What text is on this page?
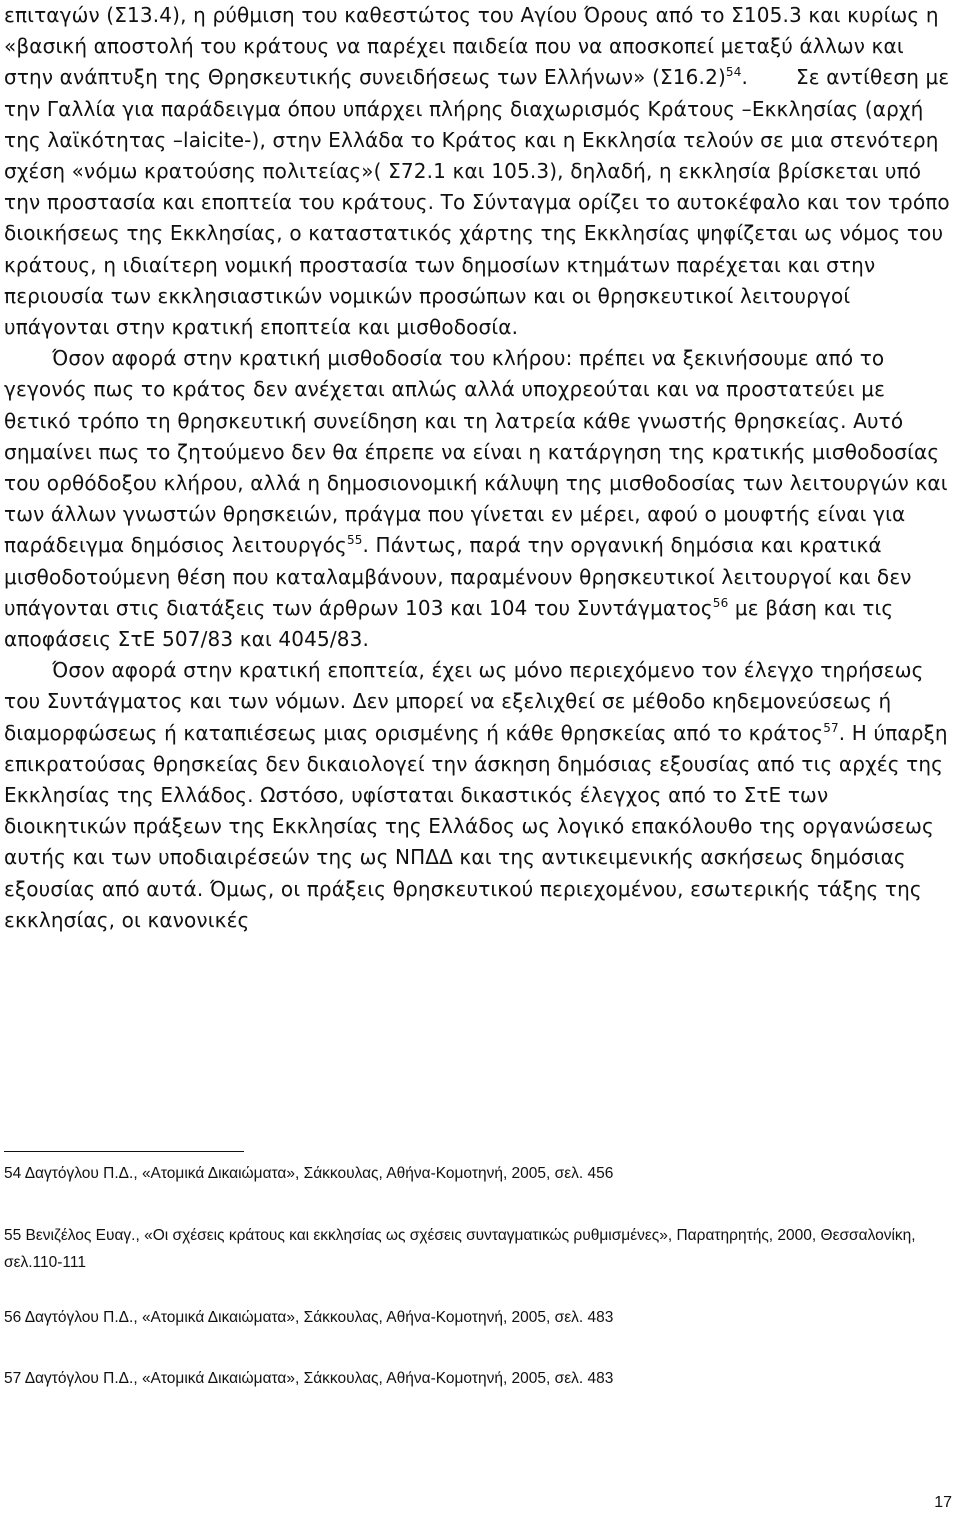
επιταγών (Σ13.4), η ρύθμιση του καθεστώτος του Αγίου Όρους από το Σ105.3 και κυρίως η «βασική αποστολή του κράτους να παρέχει παιδεία που να αποσκοπεί μεταξύ άλλων και στην ανάπτυξη της Θρησκευτικής συνειδήσεως των Ελλήνων» $(\Sigma 16.2)^{54}$. Σε αντίθεση με την Γαλλία για παράδειγμα όπου υπάρχει πλήρης διαχωρισμός Κράτους –Εκκλησίας (αρχή της λαϊκότητας –laicite-), στην Ελλάδα το Κράτος και η Εκκλησία τελούν σε μια στενότερη σχέση «νόμω κρατούσης πολιτείας»( Σ72.1 και 105.3), δηλαδή, η εκκλησία βρίσκεται υπό την προστασία και εποπτεία του κράτους. Το Σύνταγμα ορίζει το αυτοκέφαλο και τον τρόπο διοικήσεως της Εκκλησίας, ο καταστατικός χάρτης της Εκκλησίας ψηφίζεται ως νόμος του κράτους, η ιδιαίτερη νομική προστασία των δημοσίων κτημάτων παρέχεται και στην περιουσία των εκκλησιαστικών νομικών προσώπων και οι θρησκευτικοί λειτουργοί υπάγονται στην κρατική εποπτεία και μισθοδοσία.

Όσον αφορά στην κρατική μισθοδοσία του κλήρου: πρέπει να ξεκινήσουμε από το γεγονός πως το κράτος δεν ανέχεται απλώς αλλά υποχρεούται και να προστατεύει με θετικό τρόπο τη θρησκευτική συνείδηση και τη λατρεία κάθε γνωστής θρησκείας. Αυτό σημαίνει πως το ζητούμενο δεν θα έπρεπε να είναι η κατάργηση της κρατικής μισθοδοσίας του ορθόδοξου κλήρου, αλλά η δημοσιονομική κάλυψη της μισθοδοσίας των λειτουργών και των άλλων γνωστών θρησκειών, πράγμα που γίνεται εν μέρει, αφού ο μουφτής είναι για παράδειγμα δημόσιος λειτουργός$^{55}$. Πάντως, παρά την οργανική δημόσια και κρατικά μισθοδοτούμενη θέση που καταλαμβάνουν, παραμένουν θρησκευτικοί λειτουργοί και δεν υπάγονται στις διατάξεις των άρθρων 103 και 104 του Συντάγματος$^{56}$ με βάση και τις αποφάσεις ΣτΕ 507/83 και 4045/83.

Όσον αφορά στην κρατική εποπτεία, έχει ως μόνο περιεχόμενο τον έλεγχο τηρήσεως του Συντάγματος και των νόμων. Δεν μπορεί να εξελιχθεί σε μέθοδο κηδεμονεύσεως ή διαμορφώσεως ή καταπιέσεως μιας ορισμένης ή κάθε θρησκείας από το κράτος$^{57}$. Η ύπαρξη επικρατούσας θρησκείας δεν δικαιολογεί την άσκηση δημόσιας εξουσίας από τις αρχές της Εκκλησίας της Ελλάδος. Ωστόσο, υφίσταται δικαστικός έλεγχος από το ΣτΕ των διοικητικών πράξεων της Εκκλησίας της Ελλάδος ως λογικό επακόλουθο της οργανώσεως αυτής και των υποδιαιρέσεών της ως ΝΠΔΔ και της αντικειμενικής ασκήσεως δημόσιας εξουσίας από αυτά. Όμως, οι πράξεις θρησκευτικού περιεχομένου, εσωτερικής τάξης της εκκλησίας, οι κανονικές

54 Δαγτόγλου Π.Δ., «Ατομικά Δικαιώματα», Σάκκουλας, Αθήνα-Κομοτηνή, 2005, σελ. 456

55 Βενιζέλος Ευαγ., «Οι σχέσεις κράτους και εκκλησίας ως σχέσεις συνταγματικώς ρυθμισμένες», Παρατηρητής, 2000, Θεσσαλονίκη, σελ.110-111

56 Δαγτόγλου Π.Δ., «Ατομικά Δικαιώματα», Σάκκουλας, Αθήνα-Κομοτηνή, 2005, σελ. 483

57 Δαγτόγλου Π.Δ., «Ατομικά Δικαιώματα», Σάκκουλας, Αθήνα-Κομοτηνή, 2005, σελ. 483

17
